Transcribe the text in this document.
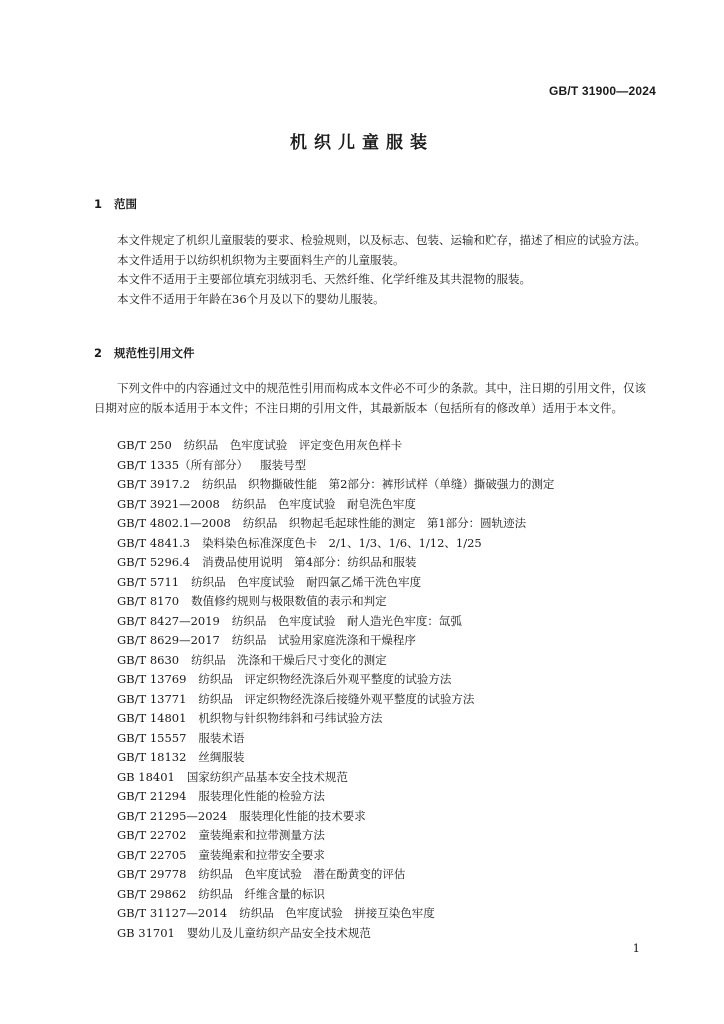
GB/T 31900—2024
机织儿童服装
1 范围
本文件规定了机织儿童服装的要求、检验规则，以及标志、包装、运输和贮存，描述了相应的试验方法。
本文件适用于以纺织机织物为主要面料生产的儿童服装。
本文件不适用于主要部位填充羽绒羽毛、天然纤维、化学纤维及其共混物的服装。
本文件不适用于年龄在36个月及以下的婴幼儿服装。
2 规范性引用文件
下列文件中的内容通过文中的规范性引用而构成本文件必不可少的条款。其中，注日期的引用文件，仅该日期对应的版本适用于本文件；不注日期的引用文件，其最新版本（包括所有的修改单）适用于本文件。
GB/T 250 纺织品　色牢度试验　评定变色用灰色样卡
GB/T 1335（所有部分） 服装号型
GB/T 3917.2 纺织品　织物撕破性能　第2部分：裤形试样（单缝）撕破强力的测定
GB/T 3921—2008 纺织品　色牢度试验　耐皂洗色牢度
GB/T 4802.1—2008 纺织品　织物起毛起球性能的测定　第1部分：圆轨迹法
GB/T 4841.3 染料染色标准深度色卡　2/1、1/3、1/6、1/12、1/25
GB/T 5296.4 消费品使用说明　第4部分：纺织品和服装
GB/T 5711 纺织品　色牢度试验　耐四氯乙烯干洗色牢度
GB/T 8170 数值修约规则与极限数值的表示和判定
GB/T 8427—2019 纺织品　色牢度试验　耐人造光色牢度：氙弧
GB/T 8629—2017 纺织品　试验用家庭洗涤和干燥程序
GB/T 8630 纺织品　洗涤和干燥后尺寸变化的测定
GB/T 13769 纺织品　评定织物经洗涤后外观平整度的试验方法
GB/T 13771 纺织品　评定织物经洗涤后接缝外观平整度的试验方法
GB/T 14801 机织物与针织物纬斜和弓纬试验方法
GB/T 15557 服装术语
GB/T 18132 丝绸服装
GB 18401 国家纺织产品基本安全技术规范
GB/T 21294 服装理化性能的检验方法
GB/T 21295—2024 服装理化性能的技术要求
GB/T 22702 童装绳索和拉带测量方法
GB/T 22705 童装绳索和拉带安全要求
GB/T 29778 纺织品　色牢度试验　潜在酚黄变的评估
GB/T 29862 纺织品　纤维含量的标识
GB/T 31127—2014 纺织品　色牢度试验　拼接互染色牢度
GB 31701 婴幼儿及儿童纺织产品安全技术规范
1
